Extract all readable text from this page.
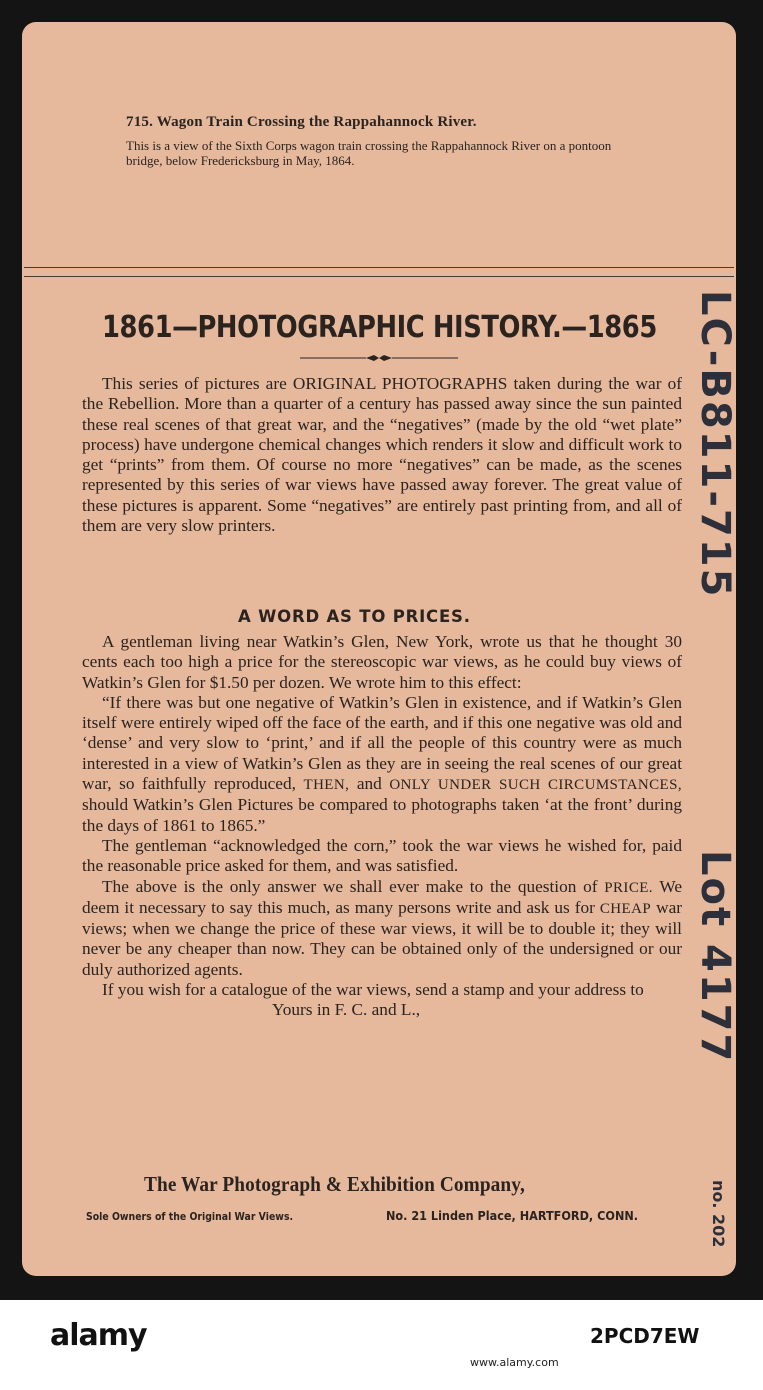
715. Wagon Train Crossing the Rappahannock River.
This is a view of the Sixth Corps wagon train crossing the Rappahannock River on a pontoon bridge, below Fredericksburg in May, 1864.
1861—PHOTOGRAPHIC HISTORY.—1865

This series of pictures are ORIGINAL PHOTOGRAPHS taken during the war of the Rebellion. More than a quarter of a century has passed away since the sun painted these real scenes of that great war, and the “negatives” (made by the old “wet plate” process) have undergone chemical changes which renders it slow and difficult work to get “prints” from them. Of course no more “negatives” can be made, as the scenes represented by this series of war views have passed away forever. The great value of these pictures is apparent. Some “negatives” are entirely past printing from, and all of them are very slow printers.

A WORD AS TO PRICES.

A gentleman living near Watkin’s Glen, New York, wrote us that he thought 30 cents each too high a price for the stereoscopic war views, as he could buy views of Watkin’s Glen for $1.50 per dozen. We wrote him to this effect:

“If there was but one negative of Watkin’s Glen in existence, and if Watkin’s Glen itself were entirely wiped off the face of the earth, and if this one negative was old and ‘dense’ and very slow to ‘print,’ and if all the people of this country were as much interested in a view of Watkin’s Glen as they are in seeing the real scenes of our great war, so faithfully reproduced, THEN, and ONLY UNDER SUCH CIRCUMSTANCES, should Watkin’s Glen Pictures be compared to photographs taken ‘at the front’ during the days of 1861 to 1865.”

The gentleman “acknowledged the corn,” took the war views he wished for, paid the reasonable price asked for them, and was satisfied.

The above is the only answer we shall ever make to the question of PRICE. We deem it necessary to say this much, as many persons write and ask us for CHEAP war views; when we change the price of these war views, it will be to double it; they will never be any cheaper than now. They can be obtained only of the undersigned or our duly authorized agents.

If you wish for a catalogue of the war views, send a stamp and your address to

Yours in F. C. and L.,

The War Photograph & Exhibition Company,
Sole Owners of the Original War Views.	No. 21 Linden Place, HARTFORD, CONN.
LC-B811-715
Lot 4177
no. 202
alamy	2PCD7EW
www.alamy.com
